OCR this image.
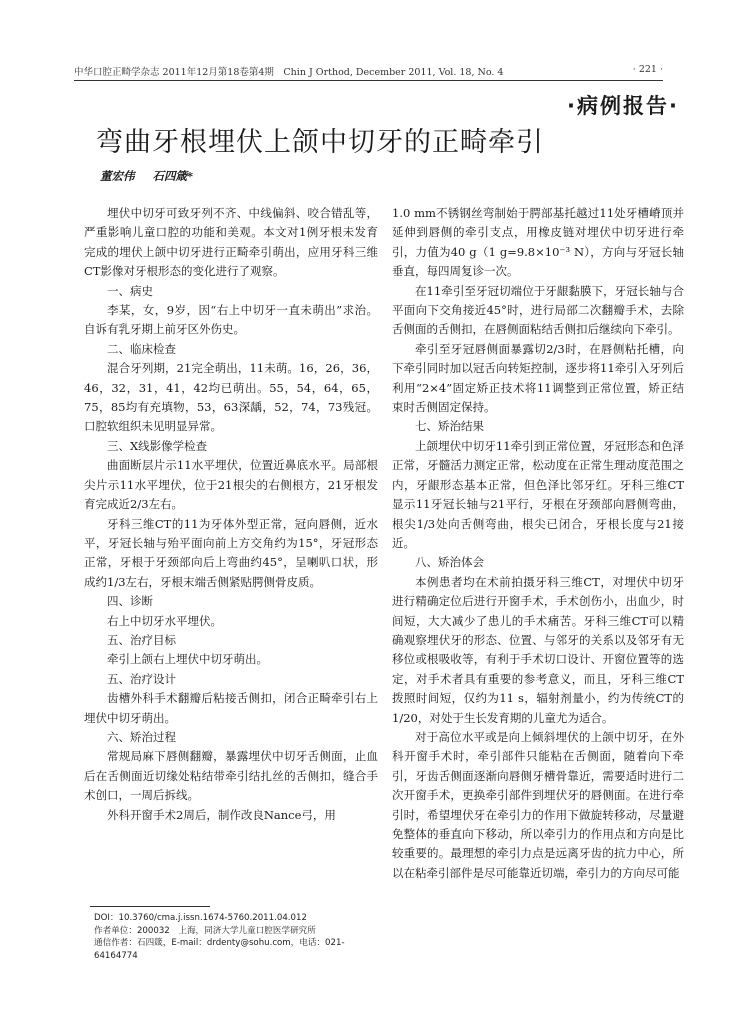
中华口腔正畸学杂志 2011年12月第18卷第4期　Chin J Orthod, December 2011, Vol. 18, No. 4	· 221 ·
·病例报告·
弯曲牙根埋伏上颌中切牙的正畸牵引
董宏伟 石四箴*

埋伏中切牙可致牙列不齐、中线偏斜、咬合错乱等，严重影响儿童口腔的功能和美观。本文对1例牙根未发育完成的埋伏上颌中切牙进行正畸牵引萌出，应用牙科三维CT影像对牙根形态的变化进行了观察。

一、病史

李某，女，9岁，因“右上中切牙一直未萌出”求治。自诉有乳牙期上前牙区外伤史。

二、临床检查

混合牙列期，21完全萌出，11未萌。16，26，36，46，32，31，41，42均已萌出。55，54，64，65，75，85均有充填物，53，63深龋，52，74，73残冠。口腔软组织未见明显异常。

三、X线影像学检查

曲面断层片示11水平埋伏，位置近鼻底水平。局部根尖片示11水平埋伏，位于21根尖的右侧根方，21牙根发育完成近2/3左右。

牙科三维CT的11为牙体外型正常，冠向唇侧，近水平，牙冠长轴与殆平面向前上方交角约为15°，牙冠形态正常，牙根于牙颈部向后上弯曲约45°，呈喇叭口状，形成约1/3左右，牙根末端舌侧紧贴腭侧骨皮质。

四、诊断

右上中切牙水平埋伏。

五、治疗目标

牵引上颌右上埋伏中切牙萌出。

五、治疗设计

齿槽外科手术翻瓣后粘接舌侧扣，闭合正畸牵引右上埋伏中切牙萌出。

六、矫治过程

常规局麻下唇侧翻瓣，暴露埋伏中切牙舌侧面，止血后在舌侧面近切缘处粘结带牵引结扎丝的舌侧扣，缝合手术创口，一周后拆线。

外科开窗手术2周后，制作改良Nance弓，用

1.0 mm不锈钢丝弯制始于腭部基托越过11处牙槽嵴顶并延伸到唇侧的牵引支点，用橡皮链对埋伏中切牙进行牵引，力值为40 g（1 g=9.8×10⁻³ N），方向与牙冠长轴垂直，每四周复诊一次。

在11牵引至牙冠切端位于牙龈黏膜下，牙冠长轴与合平面向下交角接近45°时，进行局部二次翻瓣手术，去除舌侧面的舌侧扣，在唇侧面粘结舌侧扣后继续向下牵引。

牵引至牙冠唇侧面暴露切2/3时，在唇侧粘托槽，向下牵引同时加以冠舌向转矩控制，逐步将11牵引入牙列后利用“2×4”固定矫正技术将11调整到正常位置，矫正结束时舌侧固定保持。

七、矫治结果

上颌埋伏中切牙11牵引到正常位置，牙冠形态和色泽正常，牙髓活力测定正常，松动度在正常生理动度范围之内，牙龈形态基本正常，但色泽比邻牙红。牙科三维CT显示11牙冠长轴与21平行，牙根在牙颈部向唇侧弯曲，根尖1/3处向舌侧弯曲，根尖已闭合，牙根长度与21接近。

八、矫治体会

本例患者均在术前拍摄牙科三维CT，对埋伏中切牙进行精确定位后进行开窗手术，手术创伤小，出血少，时间短，大大减少了患儿的手术痛苦。牙科三维CT可以精确观察埋伏牙的形态、位置、与邻牙的关系以及邻牙有无移位或根吸收等，有利于手术切口设计、开窗位置等的选定，对手术者具有重要的参考意义，而且，牙科三维CT拨照时间短，仅约为11 s，辐射剂量小，约为传统CT的1/20，对处于生长发育期的儿童尤为适合。

对于高位水平或是向上倾斜埋伏的上颌中切牙，在外科开窗手术时，牵引部件只能粘在舌侧面，随着向下牵引，牙齿舌侧面逐渐向唇侧牙槽骨靠近，需要适时进行二次开窗手术，更换牵引部件到埋伏牙的唇侧面。在进行牵引时，希望埋伏牙在牵引力的作用下做旋转移动，尽量避免整体的垂直向下移动，所以牵引力的作用点和方向是比较重要的。最理想的牵引力点是远离牙齿的抗力中心，所以在粘牵引部件是尽可能靠近切端，牵引力的方向尽可能

DOI：10.3760/cma.j.issn.1674-5760.2011.04.012
作者单位：200032　上海，同济大学儿童口腔医学研究所
通信作者：石四箴，E-mail：drdenty@sohu.com，电话：021-64164774
